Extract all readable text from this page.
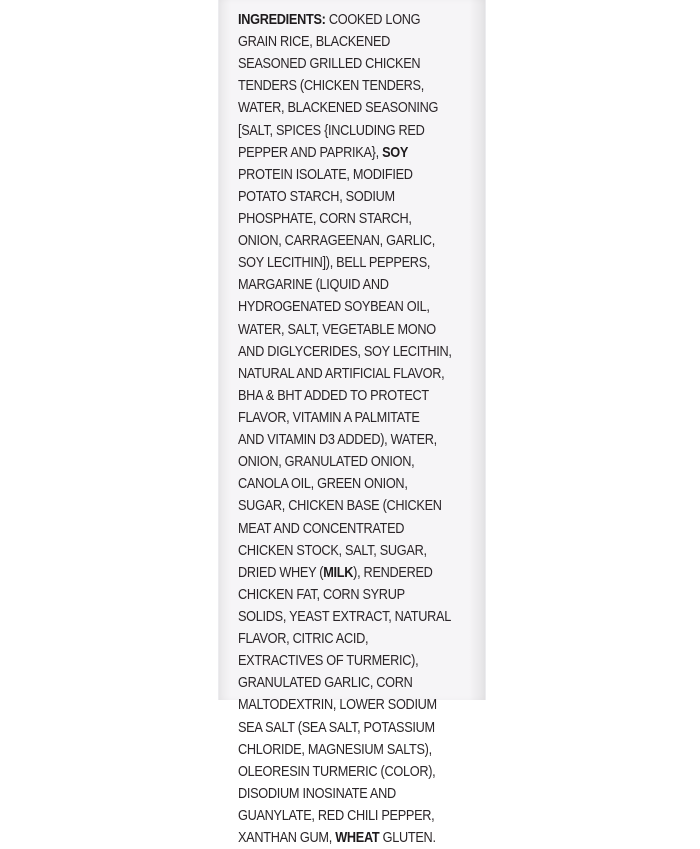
INGREDIENTS: COOKED LONG
GRAIN RICE, BLACKENED
SEASONED GRILLED CHICKEN
TENDERS (CHICKEN TENDERS,
WATER, BLACKENED SEASONING
[SALT, SPICES {INCLUDING RED
PEPPER AND PAPRIKA}, SOY
PROTEIN ISOLATE, MODIFIED
POTATO STARCH, SODIUM
PHOSPHATE, CORN STARCH,
ONION, CARRAGEENAN, GARLIC,
SOY LECITHIN]), BELL PEPPERS,
MARGARINE (LIQUID AND
HYDROGENATED SOYBEAN OIL,
WATER, SALT, VEGETABLE MONO
AND DIGLYCERIDES, SOY LECITHIN,
NATURAL AND ARTIFICIAL FLAVOR,
BHA & BHT ADDED TO PROTECT
FLAVOR, VITAMIN A PALMITATE
AND VITAMIN D3 ADDED), WATER,
ONION, GRANULATED ONION,
CANOLA OIL, GREEN ONION,
SUGAR, CHICKEN BASE (CHICKEN
MEAT AND CONCENTRATED
CHICKEN STOCK, SALT, SUGAR,
DRIED WHEY (MILK), RENDERED
CHICKEN FAT, CORN SYRUP
SOLIDS, YEAST EXTRACT, NATURAL
FLAVOR, CITRIC ACID,
EXTRACTIVES OF TURMERIC),
GRANULATED GARLIC, CORN
MALTODEXTRIN, LOWER SODIUM
SEA SALT (SEA SALT, POTASSIUM
CHLORIDE, MAGNESIUM SALTS),
OLEORESIN TURMERIC (COLOR),
DISODIUM INOSINATE AND
GUANYLATE, RED CHILI PEPPER,
XANTHAN GUM, WHEAT GLUTEN.
